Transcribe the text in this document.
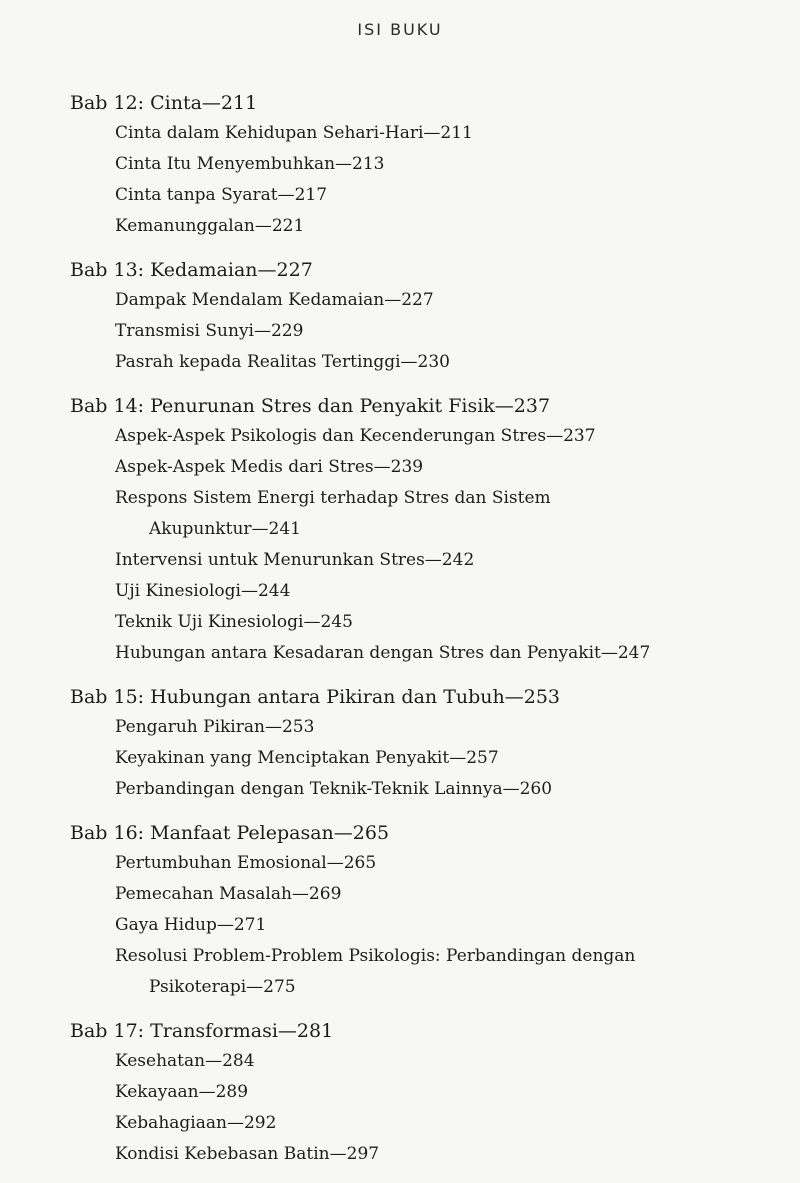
ISI BUKU
Bab 12: Cinta—211
Cinta dalam Kehidupan Sehari-Hari—211
Cinta Itu Menyembuhkan—213
Cinta tanpa Syarat—217
Kemanunggalan—221
Bab 13: Kedamaian—227
Dampak Mendalam Kedamaian—227
Transmisi Sunyi—229
Pasrah kepada Realitas Tertinggi—230
Bab 14: Penurunan Stres dan Penyakit Fisik—237
Aspek-Aspek Psikologis dan Kecenderungan Stres—237
Aspek-Aspek Medis dari Stres—239
Respons Sistem Energi terhadap Stres dan Sistem
Akupunktur—241
Intervensi untuk Menurunkan Stres—242
Uji Kinesiologi—244
Teknik Uji Kinesiologi—245
Hubungan antara Kesadaran dengan Stres dan Penyakit—247
Bab 15: Hubungan antara Pikiran dan Tubuh—253
Pengaruh Pikiran—253
Keyakinan yang Menciptakan Penyakit—257
Perbandingan dengan Teknik-Teknik Lainnya—260
Bab 16: Manfaat Pelepasan—265
Pertumbuhan Emosional—265
Pemecahan Masalah—269
Gaya Hidup—271
Resolusi Problem-Problem Psikologis: Perbandingan dengan
Psikoterapi—275
Bab 17: Transformasi—281
Kesehatan—284
Kekayaan—289
Kebahagiaan—292
Kondisi Kebebasan Batin—297
